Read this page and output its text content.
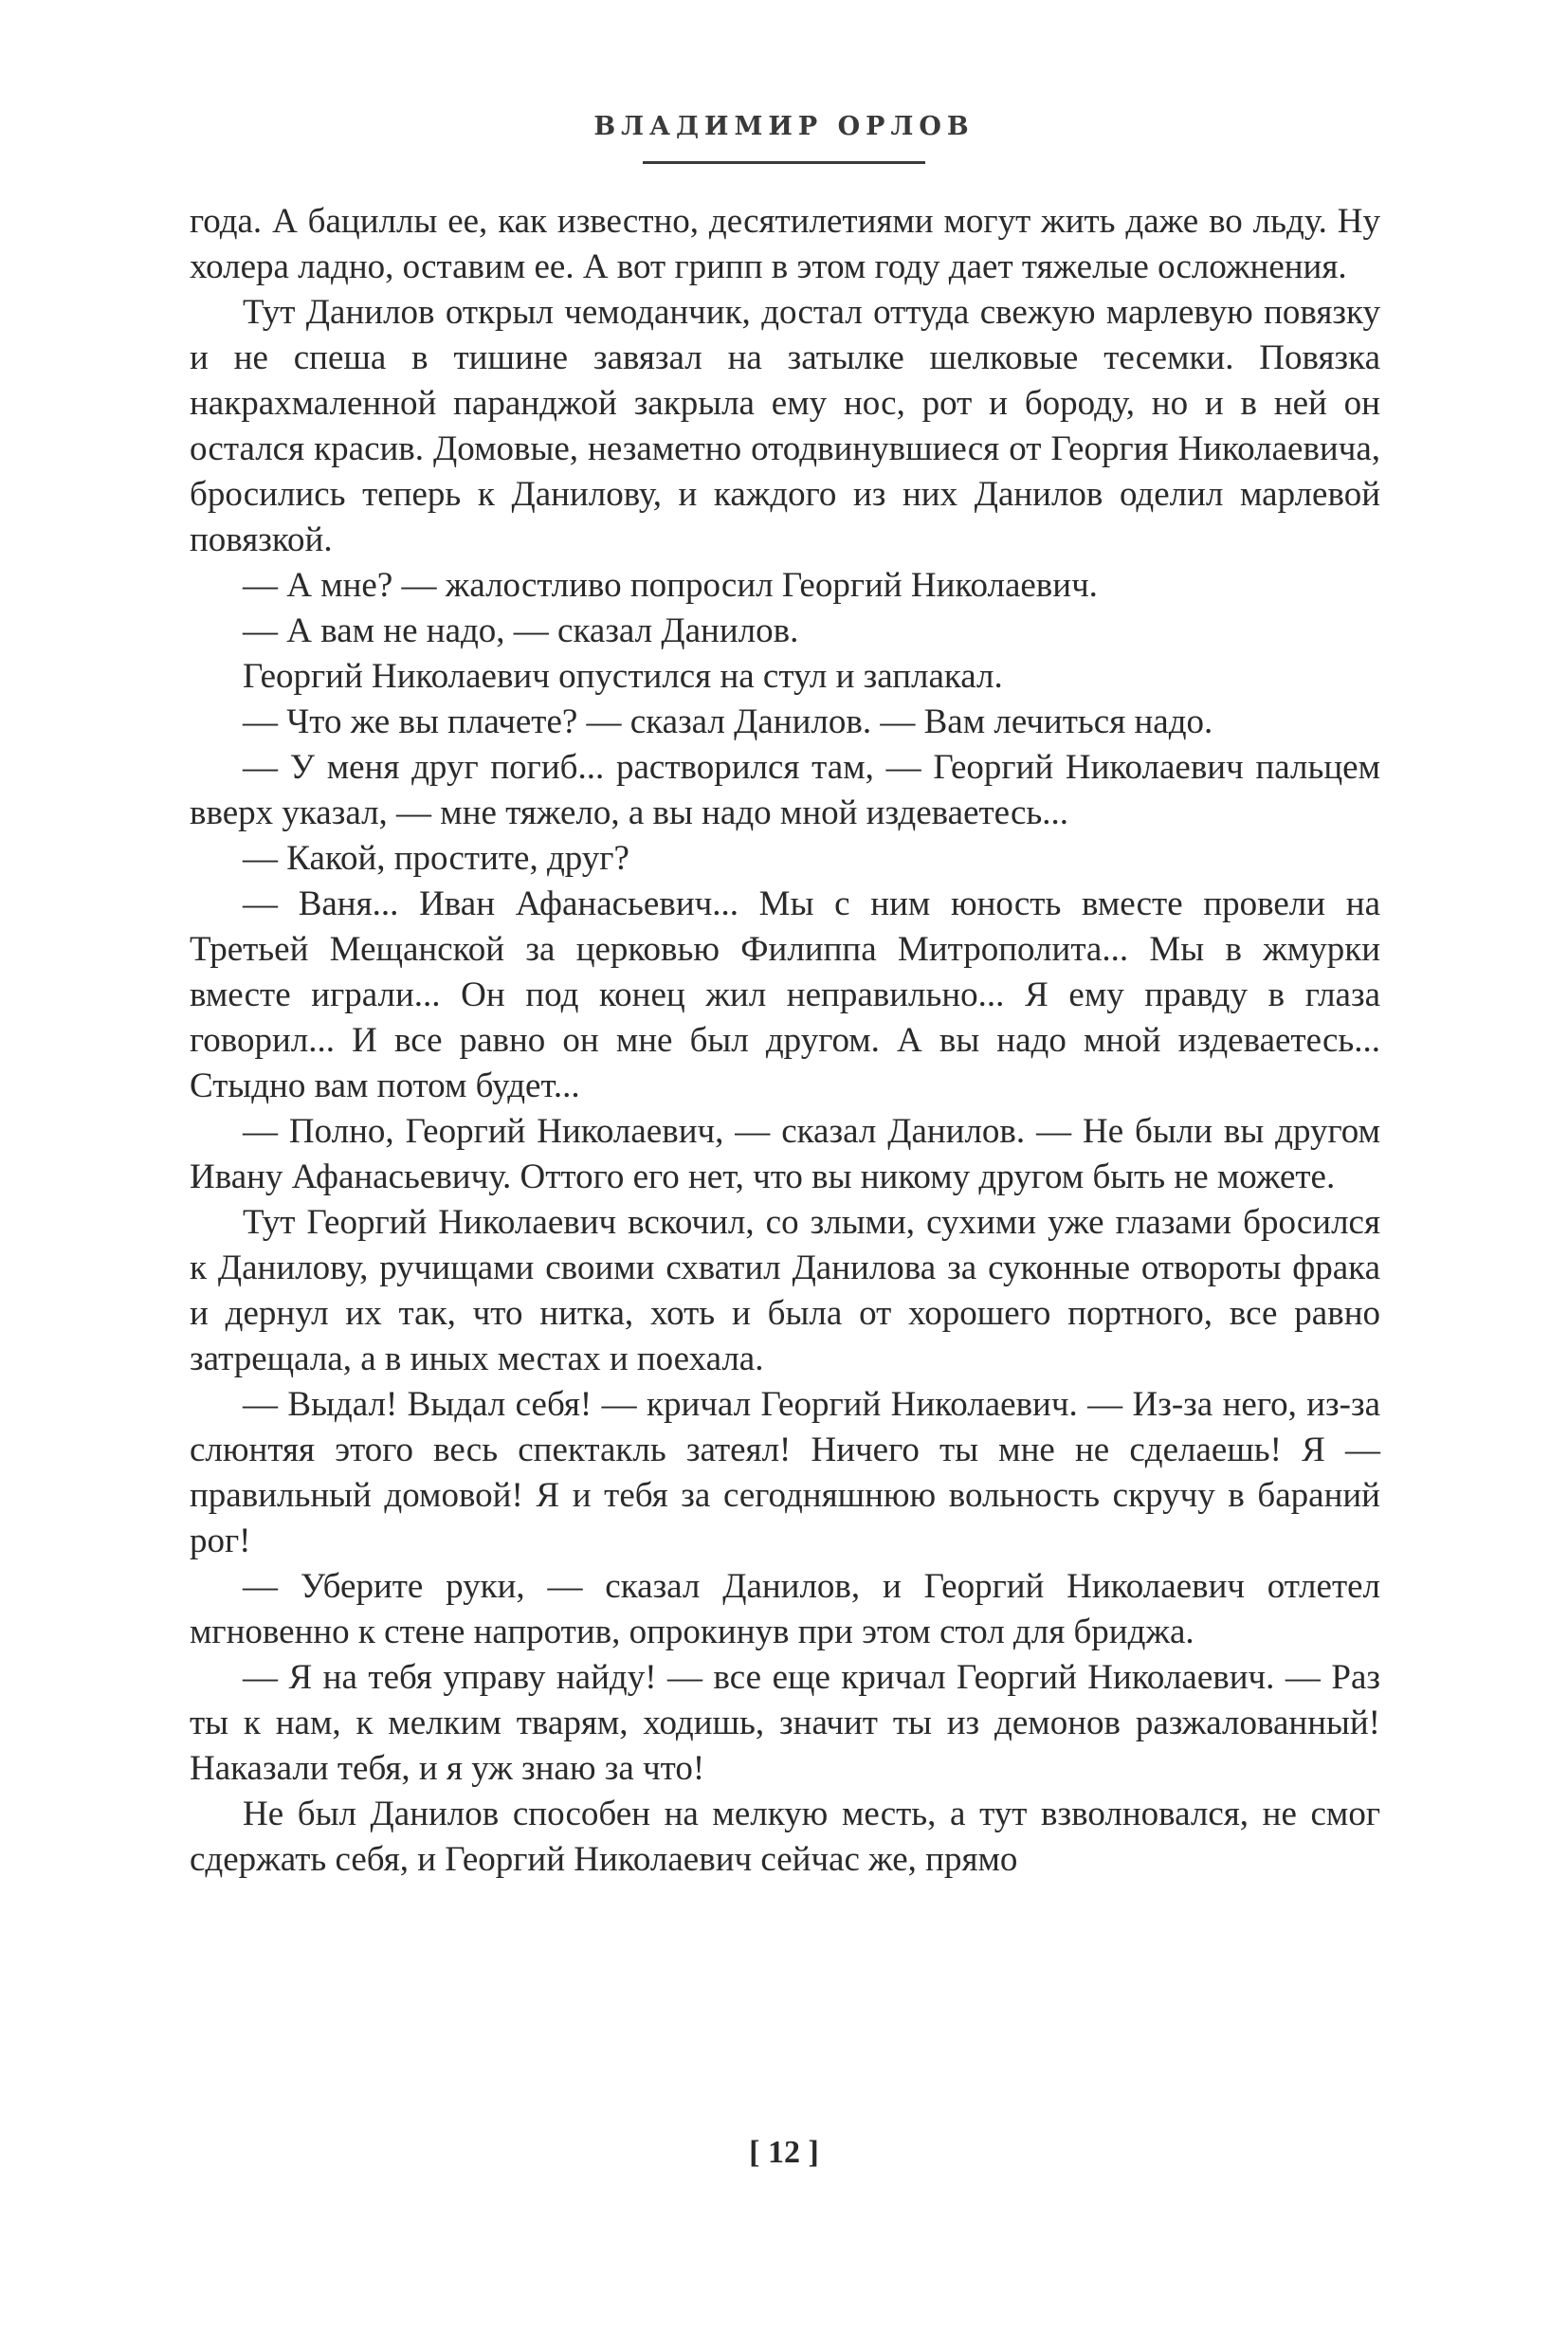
ВЛАДИМИР ОРЛОВ

года. А бациллы ее, как известно, десятилетиями могут жить даже во льду. Ну холера ладно, оставим ее. А вот грипп в этом году дает тяжелые осложнения.

Тут Данилов открыл чемоданчик, достал оттуда свежую марлевую повязку и не спеша в тишине завязал на затылке шелковые тесемки. Повязка накрахмаленной паранджой закрыла ему нос, рот и бороду, но и в ней он остался красив. Домовые, незаметно отодвинувшиеся от Георгия Николаевича, бросились теперь к Данилову, и каждого из них Данилов оделил марлевой повязкой.

— А мне? — жалостливо попросил Георгий Николаевич.

— А вам не надо, — сказал Данилов.

Георгий Николаевич опустился на стул и заплакал.

— Что же вы плачете? — сказал Данилов. — Вам лечиться надо.

— У меня друг погиб... растворился там, — Георгий Николаевич пальцем вверх указал, — мне тяжело, а вы надо мной издеваетесь...

— Какой, простите, друг?

— Ваня... Иван Афанасьевич... Мы с ним юность вместе провели на Третьей Мещанской за церковью Филиппа Митрополита... Мы в жмурки вместе играли... Он под конец жил неправильно... Я ему правду в глаза говорил... И все равно он мне был другом. А вы надо мной издеваетесь... Стыдно вам потом будет...

— Полно, Георгий Николаевич, — сказал Данилов. — Не были вы другом Ивану Афанасьевичу. Оттого его нет, что вы никому другом быть не можете.

Тут Георгий Николаевич вскочил, со злыми, сухими уже глазами бросился к Данилову, ручищами своими схватил Данилова за суконные отвороты фрака и дернул их так, что нитка, хоть и была от хорошего портного, все равно затрещала, а в иных местах и поехала.

— Выдал! Выдал себя! — кричал Георгий Николаевич. — Из-за него, из-за слюнтяя этого весь спектакль затеял! Ничего ты мне не сделаешь! Я — правильный домовой! Я и тебя за сегодняшнюю вольность скручу в бараний рог!

— Уберите руки, — сказал Данилов, и Георгий Николаевич отлетел мгновенно к стене напротив, опрокинув при этом стол для бриджа.

— Я на тебя управу найду! — все еще кричал Георгий Николаевич. — Раз ты к нам, к мелким тварям, ходишь, значит ты из демонов разжалованный! Наказали тебя, и я уж знаю за что!

Не был Данилов способен на мелкую месть, а тут взволновался, не смог сдержать себя, и Георгий Николаевич сейчас же, прямо

[ 12 ]
